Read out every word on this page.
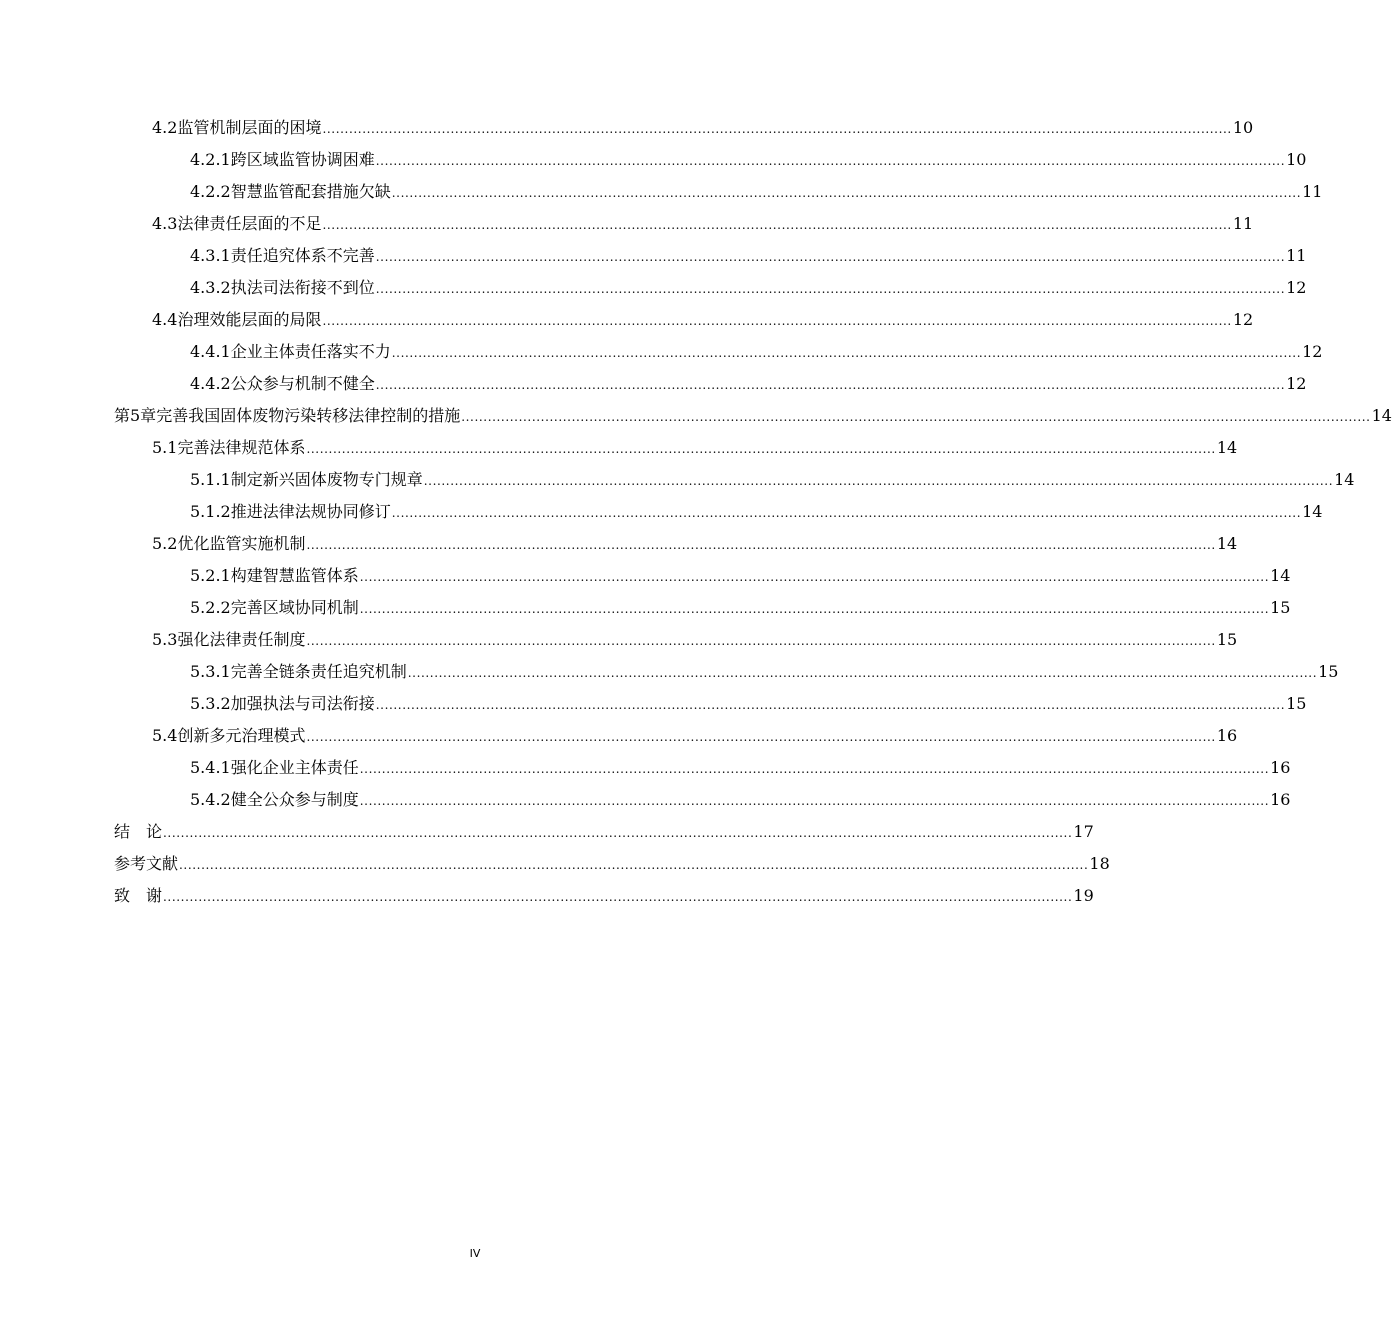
4.2 监管机制层面的困境 .............................................................................................................................................................................................................. 10
4.2.1 跨区域监管协调困难 .............................................................................................................................................................................................................. 10
4.2.2 智慧监管配套措施欠缺 .............................................................................................................................................................................................................. 11
4.3 法律责任层面的不足 .............................................................................................................................................................................................................. 11
4.3.1 责任追究体系不完善 .............................................................................................................................................................................................................. 11
4.3.2 执法司法衔接不到位 .............................................................................................................................................................................................................. 12
4.4 治理效能层面的局限 .............................................................................................................................................................................................................. 12
4.4.1 企业主体责任落实不力 .............................................................................................................................................................................................................. 12
4.4.2 公众参与机制不健全 .............................................................................................................................................................................................................. 12
第5章 完善我国固体废物污染转移法律控制的措施 .............................................................................................................................................................................................................. 14
5.1 完善法律规范体系 .............................................................................................................................................................................................................. 14
5.1.1 制定新兴固体废物专门规章 .............................................................................................................................................................................................................. 14
5.1.2 推进法律法规协同修订 .............................................................................................................................................................................................................. 14
5.2 优化监管实施机制 .............................................................................................................................................................................................................. 14
5.2.1 构建智慧监管体系 .............................................................................................................................................................................................................. 14
5.2.2 完善区域协同机制 .............................................................................................................................................................................................................. 15
5.3 强化法律责任制度 .............................................................................................................................................................................................................. 15
5.3.1 完善全链条责任追究机制 .............................................................................................................................................................................................................. 15
5.3.2 加强执法与司法衔接 .............................................................................................................................................................................................................. 15
5.4 创新多元治理模式 .............................................................................................................................................................................................................. 16
5.4.1 强化企业主体责任 .............................................................................................................................................................................................................. 16
5.4.2 健全公众参与制度 .............................................................................................................................................................................................................. 16
结　论 .............................................................................................................................................................................................................. 17
参考文献 .............................................................................................................................................................................................................. 18
致　谢 .............................................................................................................................................................................................................. 19
IV
